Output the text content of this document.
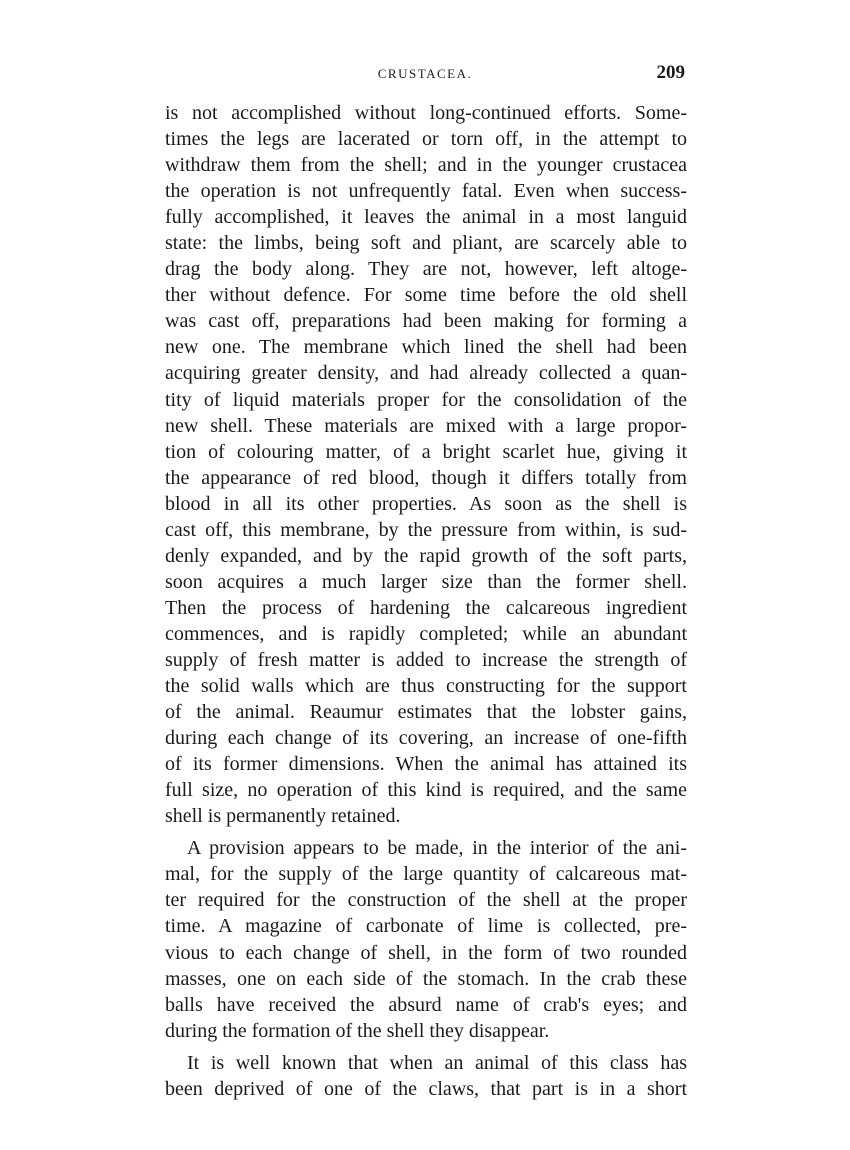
CRUSTACEA.	209
is not accomplished without long-continued efforts. Some-
times the legs are lacerated or torn off, in the attempt to
withdraw them from the shell; and in the younger crustacea
the operation is not unfrequently fatal. Even when success-
fully accomplished, it leaves the animal in a most languid
state: the limbs, being soft and pliant, are scarcely able to
drag the body along. They are not, however, left altoge-
ther without defence. For some time before the old shell
was cast off, preparations had been making for forming a
new one. The membrane which lined the shell had been
acquiring greater density, and had already collected a quan-
tity of liquid materials proper for the consolidation of the
new shell. These materials are mixed with a large propor-
tion of colouring matter, of a bright scarlet hue, giving it
the appearance of red blood, though it differs totally from
blood in all its other properties. As soon as the shell is
cast off, this membrane, by the pressure from within, is sud-
denly expanded, and by the rapid growth of the soft parts,
soon acquires a much larger size than the former shell.
Then the process of hardening the calcareous ingredient
commences, and is rapidly completed; while an abundant
supply of fresh matter is added to increase the strength of
the solid walls which are thus constructing for the support
of the animal. Reaumur estimates that the lobster gains,
during each change of its covering, an increase of one-fifth
of its former dimensions. When the animal has attained its
full size, no operation of this kind is required, and the same
shell is permanently retained.
A provision appears to be made, in the interior of the ani-
mal, for the supply of the large quantity of calcareous mat-
ter required for the construction of the shell at the proper
time. A magazine of carbonate of lime is collected, pre-
vious to each change of shell, in the form of two rounded
masses, one on each side of the stomach. In the crab these
balls have received the absurd name of crab's eyes; and
during the formation of the shell they disappear.
It is well known that when an animal of this class has
been deprived of one of the claws, that part is in a short
